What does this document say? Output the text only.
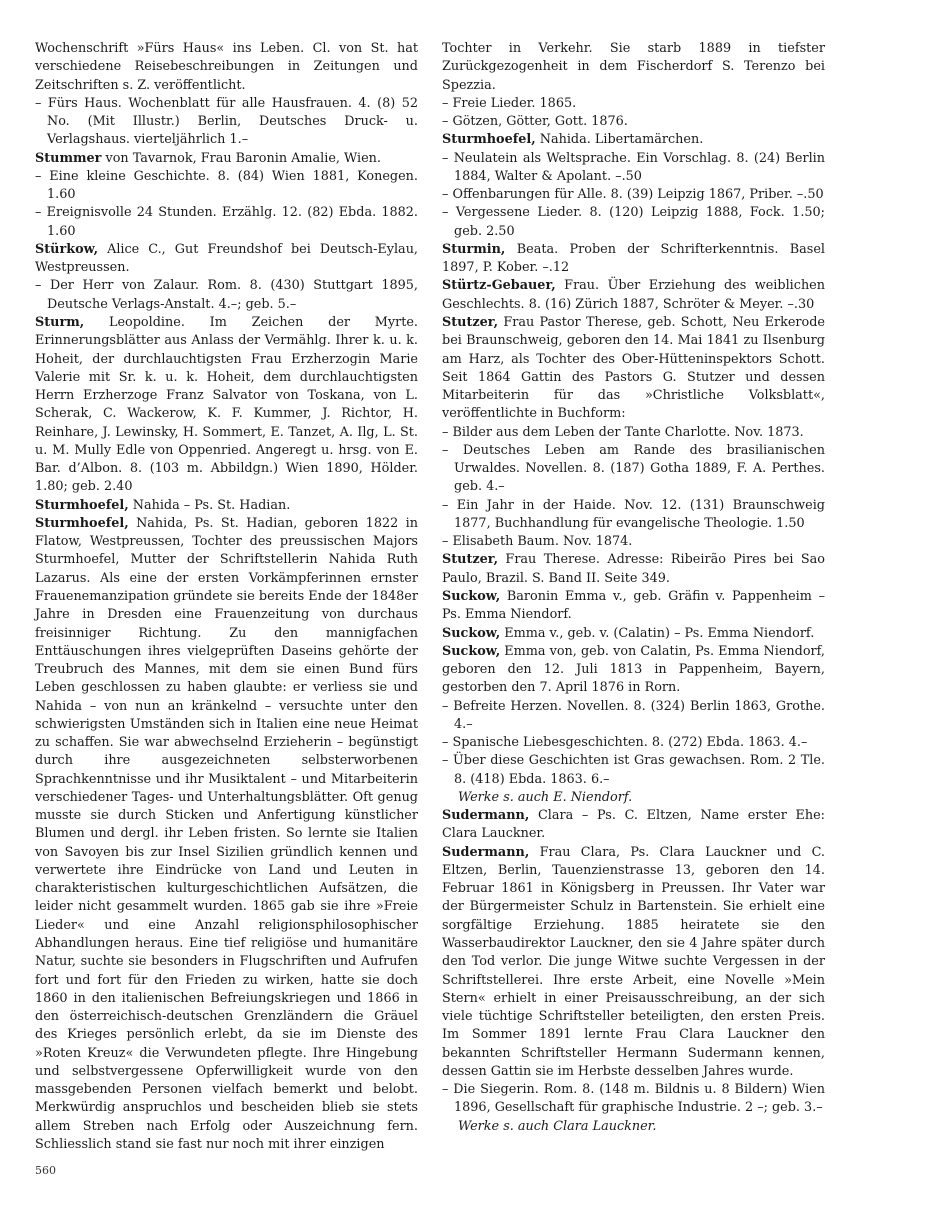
Wochenschrift »Fürs Haus« ins Leben. Cl. von St. hat verschiedene Reisebeschreibungen in Zeitungen und Zeitschriften s. Z. veröffentlicht.

– Fürs Haus. Wochenblatt für alle Hausfrauen. 4. (8) 52 No. (Mit Illustr.) Berlin, Deutsches Druck- u. Verlagshaus. vierteljährlich 1.–

Stummer von Tavarnok, Frau Baronin Amalie, Wien.

– Eine kleine Geschichte. 8. (84) Wien 1881, Konegen. 1.60

– Ereignisvolle 24 Stunden. Erzählg. 12. (82) Ebda. 1882. 1.60

Stürkow, Alice C., Gut Freundshof bei Deutsch-Eylau, Westpreussen.

– Der Herr von Zalaur. Rom. 8. (430) Stuttgart 1895, Deutsche Verlags-Anstalt. 4.–; geb. 5.–

Sturm, Leopoldine. Im Zeichen der Myrte. Erinnerungsblätter aus Anlass der Vermählg. Ihrer k. u. k. Hoheit, der durchlauchtigsten Frau Erzherzogin Marie Valerie mit Sr. k. u. k. Hoheit, dem durchlauchtigsten Herrn Erzherzoge Franz Salvator von Toskana, von L. Scherak, C. Wackerow, K. F. Kummer, J. Richtor, H. Reinhare, J. Lewinsky, H. Sommert, E. Tanzet, A. Ilg, L. St. u. M. Mully Edle von Oppenried. Angeregt u. hrsg. von E. Bar. d’Albon. 8. (103 m. Abbildgn.) Wien 1890, Hölder. 1.80; geb. 2.40

Sturmhoefel, Nahida – Ps. St. Hadian.

Sturmhoefel, Nahida, Ps. St. Hadian, geboren 1822 in Flatow, Westpreussen, Tochter des preussischen Majors Sturmhoefel, Mutter der Schriftstellerin Nahida Ruth Lazarus. Als eine der ersten Vorkämpferinnen ernster Frauenemanzipation gründete sie bereits Ende der 1848er Jahre in Dresden eine Frauenzeitung von durchaus freisinniger Richtung. Zu den mannigfachen Enttäuschungen ihres vielgeprüften Daseins gehörte der Treubruch des Mannes, mit dem sie einen Bund fürs Leben geschlossen zu haben glaubte: er verliess sie und Nahida – von nun an kränkelnd – versuchte unter den schwierigsten Umständen sich in Italien eine neue Heimat zu schaffen. Sie war abwechselnd Erzieherin – begünstigt durch ihre ausgezeichneten selbsterworbenen Sprachkenntnisse und ihr Musiktalent – und Mitarbeiterin verschiedener Tages- und Unterhaltungsblätter. Oft genug musste sie durch Sticken und Anfertigung künstlicher Blumen und dergl. ihr Leben fristen. So lernte sie Italien von Savoyen bis zur Insel Sizilien gründlich kennen und verwertete ihre Eindrücke von Land und Leuten in charakteristischen kulturgeschichtlichen Aufsätzen, die leider nicht gesammelt wurden. 1865 gab sie ihre »Freie Lieder« und eine Anzahl religionsphilosophischer Abhandlungen heraus. Eine tief religiöse und humanitäre Natur, suchte sie besonders in Flugschriften und Aufrufen fort und fort für den Frieden zu wirken, hatte sie doch 1860 in den italienischen Befreiungskriegen und 1866 in den österreichisch-deutschen Grenzländern die Gräuel des Krieges persönlich erlebt, da sie im Dienste des »Roten Kreuz« die Verwundeten pflegte. Ihre Hingebung und selbstvergessene Opferwilligkeit wurde von den massgebenden Personen vielfach bemerkt und belobt. Merkwürdig anspruchlos und bescheiden blieb sie stets allem Streben nach Erfolg oder Auszeichnung fern. Schliesslich stand sie fast nur noch mit ihrer einzigen

Tochter in Verkehr. Sie starb 1889 in tiefster Zurückgezogenheit in dem Fischerdorf S. Terenzo bei Spezzia.

– Freie Lieder. 1865.

– Götzen, Götter, Gott. 1876.

Sturmhoefel, Nahida. Libertamärchen.

– Neulatein als Weltsprache. Ein Vorschlag. 8. (24) Berlin 1884, Walter & Apolant. –.50

– Offenbarungen für Alle. 8. (39) Leipzig 1867, Priber. –.50

– Vergessene Lieder. 8. (120) Leipzig 1888, Fock. 1.50; geb. 2.50

Sturmin, Beata. Proben der Schrifterkenntnis. Basel 1897, P. Kober. –.12

Stürtz-Gebauer, Frau. Über Erziehung des weiblichen Geschlechts. 8. (16) Zürich 1887, Schröter & Meyer. –.30

Stutzer, Frau Pastor Therese, geb. Schott, Neu Erkerode bei Braunschweig, geboren den 14. Mai 1841 zu Ilsenburg am Harz, als Tochter des Ober-Hütteninspektors Schott. Seit 1864 Gattin des Pastors G. Stutzer und dessen Mitarbeiterin für das »Christliche Volksblatt«, veröffentlichte in Buchform:

– Bilder aus dem Leben der Tante Charlotte. Nov. 1873.

– Deutsches Leben am Rande des brasilianischen Urwaldes. Novellen. 8. (187) Gotha 1889, F. A. Perthes. geb. 4.–

– Ein Jahr in der Haide. Nov. 12. (131) Braunschweig 1877, Buchhandlung für evangelische Theologie. 1.50

– Elisabeth Baum. Nov. 1874.

Stutzer, Frau Therese. Adresse: Ribeirão Pires bei Sao Paulo, Brazil. S. Band II. Seite 349.

Suckow, Baronin Emma v., geb. Gräfin v. Pappenheim – Ps. Emma Niendorf.

Suckow, Emma v., geb. v. (Calatin) – Ps. Emma Niendorf.

Suckow, Emma von, geb. von Calatin, Ps. Emma Niendorf, geboren den 12. Juli 1813 in Pappenheim, Bayern, gestorben den 7. April 1876 in Rorn.

– Befreite Herzen. Novellen. 8. (324) Berlin 1863, Grothe. 4.–

– Spanische Liebesgeschichten. 8. (272) Ebda. 1863. 4.–

– Über diese Geschichten ist Gras gewachsen. Rom. 2 Tle. 8. (418) Ebda. 1863. 6.–

Werke s. auch E. Niendorf.

Sudermann, Clara – Ps. C. Eltzen, Name erster Ehe: Clara Lauckner.

Sudermann, Frau Clara, Ps. Clara Lauckner und C. Eltzen, Berlin, Tauenzienstrasse 13, geboren den 14. Februar 1861 in Königsberg in Preussen. Ihr Vater war der Bürgermeister Schulz in Bartenstein. Sie erhielt eine sorgfältige Erziehung. 1885 heiratete sie den Wasserbaudirektor Lauckner, den sie 4 Jahre später durch den Tod verlor. Die junge Witwe suchte Vergessen in der Schriftstellerei. Ihre erste Arbeit, eine Novelle »Mein Stern« erhielt in einer Preisausschreibung, an der sich viele tüchtige Schriftsteller beteiligten, den ersten Preis. Im Sommer 1891 lernte Frau Clara Lauckner den bekannten Schriftsteller Hermann Sudermann kennen, dessen Gattin sie im Herbste desselben Jahres wurde.

– Die Siegerin. Rom. 8. (148 m. Bildnis u. 8 Bildern) Wien 1896, Gesellschaft für graphische Industrie. 2 –; geb. 3.–

Werke s. auch Clara Lauckner.

560
